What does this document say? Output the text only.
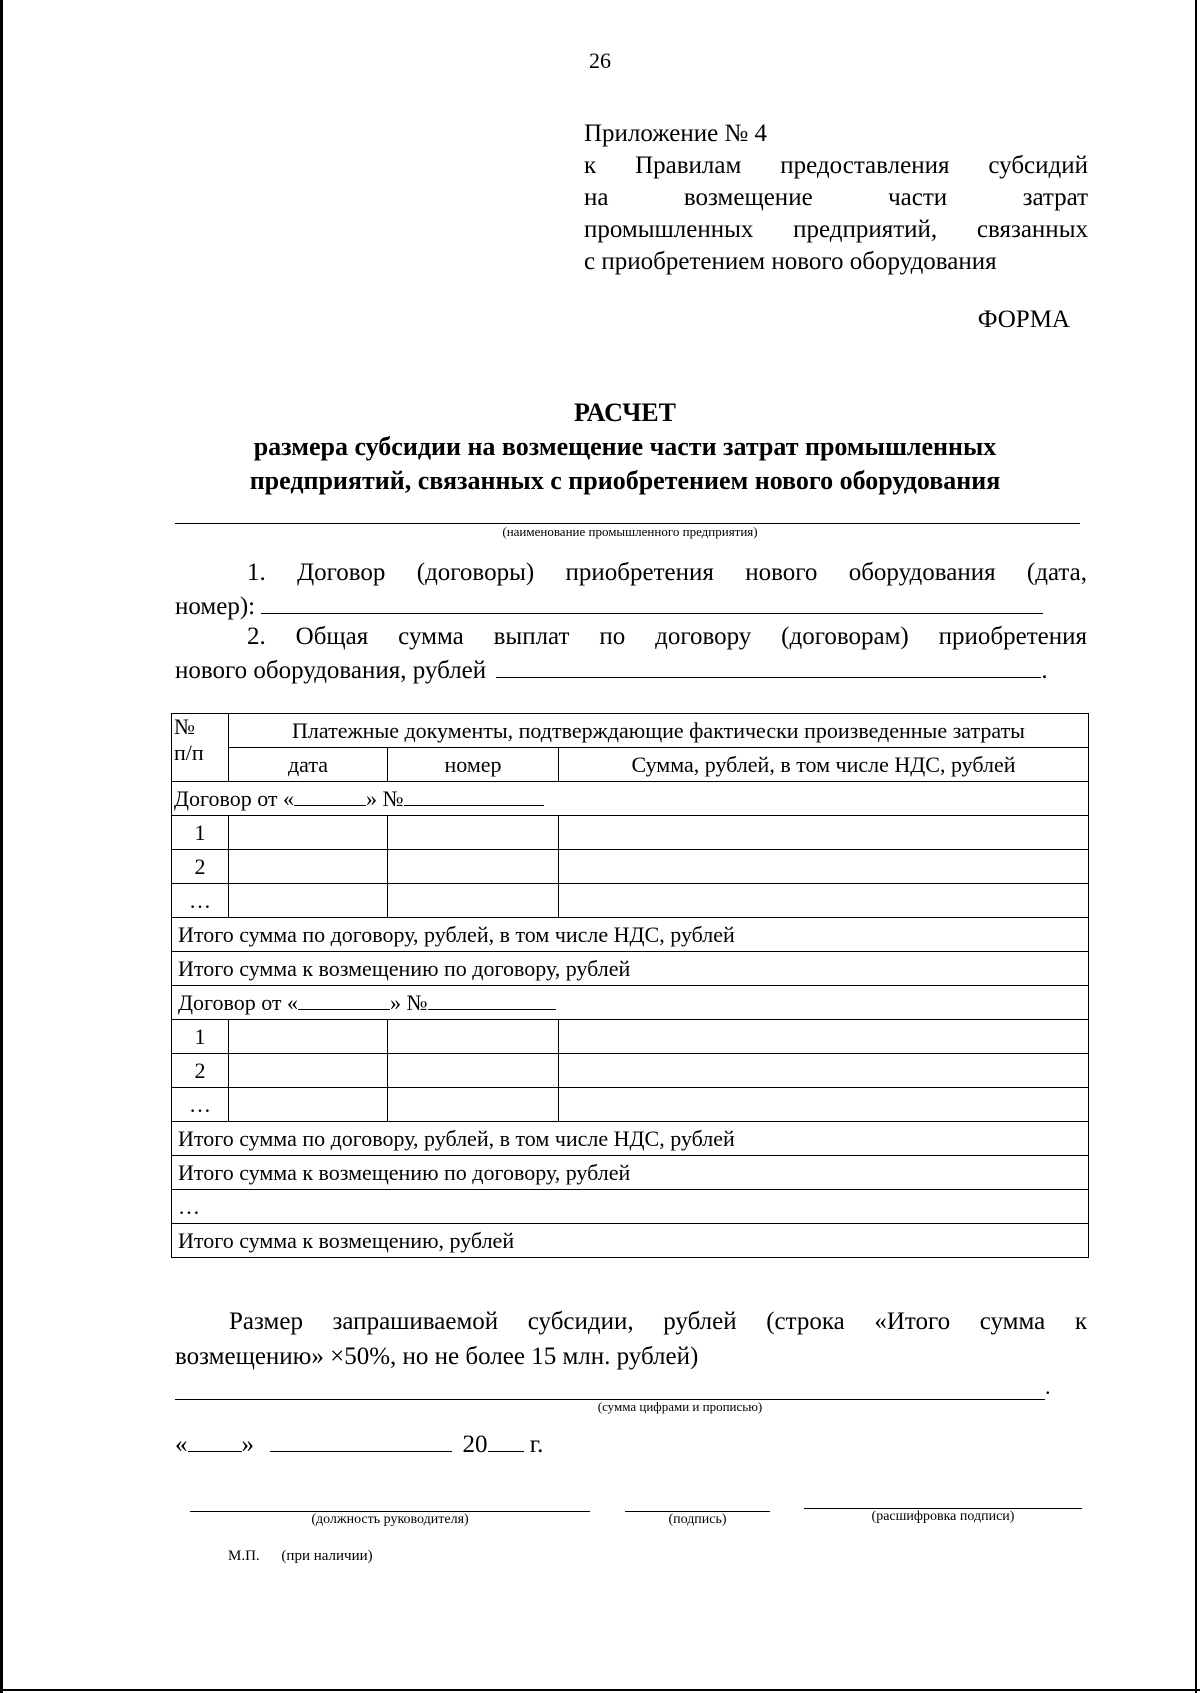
26
Приложение № 4
к Правилам предоставления субсидий
на возмещение части затрат
промышленных предприятий, связанных
с приобретением нового оборудования
ФОРМА
РАСЧЕТ
размера субсидии на возмещение части затрат промышленных
предприятий, связанных с приобретением нового оборудования
(наименование промышленного предприятия)
1. Договор (договоры) приобретения нового оборудования (дата,
номер):
2. Общая сумма выплат по договору (договорам) приобретения
нового оборудования, рублей	.
№
п/п	Платежные документы, подтверждающие фактически произведенные затраты		
	дата	номер	Сумма, рублей, в том числе НДС, рублей
Договор от « » №			
1			
2			
…			
Итого сумма по договору, рублей, в том числе НДС, рублей			
Итого сумма к возмещению по договору, рублей			
Договор от « » №			
1			
2			
…			
Итого сумма по договору, рублей, в том числе НДС, рублей			
Итого сумма к возмещению по договору, рублей			
…			
Итого сумма к возмещению, рублей			
Размер запрашиваемой субсидии, рублей (строка «Итого сумма к
возмещению» ×50%, но не более 15 млн. рублей)
.
(сумма цифрами и прописью)
« »	20 г.
(должность руководителя)	(подпись)	(расшифровка подписи)
М.П. (при наличии)
